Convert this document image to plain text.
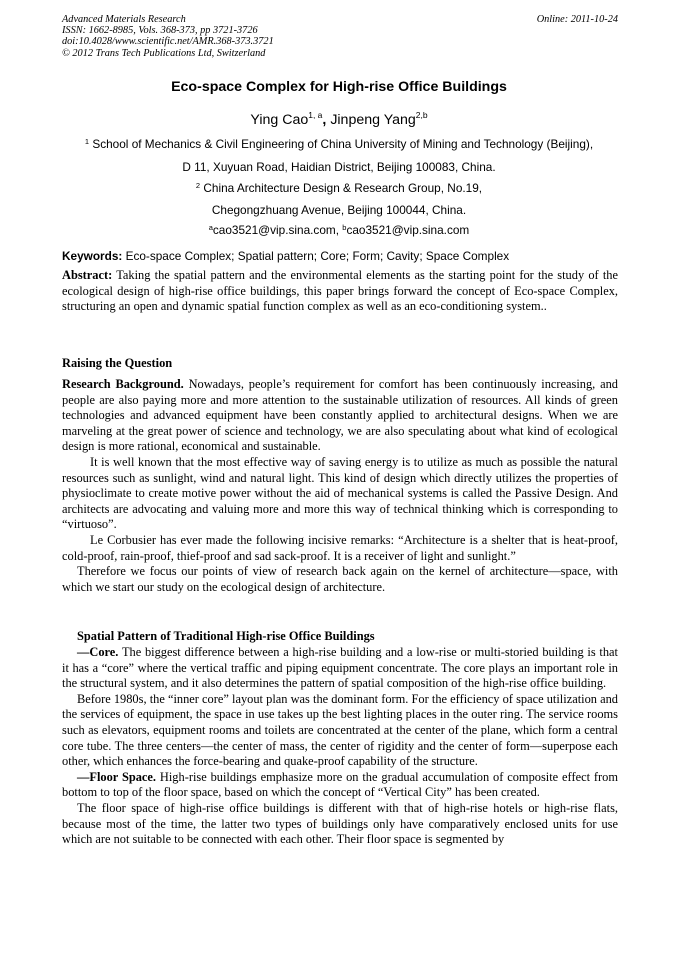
Advanced Materials Research
ISSN: 1662-8985, Vols. 368-373, pp 3721-3726
doi:10.4028/www.scientific.net/AMR.368-373.3721
© 2012 Trans Tech Publications Ltd, Switzerland
Online: 2011-10-24
Eco-space Complex for High-rise Office Buildings
Ying Cao$^{1, a}$, Jinpeng Yang$^{2,b}$
$^1$ School of Mechanics & Civil Engineering of China University of Mining and Technology (Beijing),
D 11, Xuyuan Road, Haidian District, Beijing 100083, China.
$^2$ China Architecture Design & Research Group, No.19,
Chegongzhuang Avenue, Beijing 100044, China.
$^a$cao3521@vip.sina.com, $^b$cao3521@vip.sina.com
Keywords: Eco-space Complex; Spatial pattern; Core; Form; Cavity; Space Complex
Abstract: Taking the spatial pattern and the environmental elements as the starting point for the study of the ecological design of high-rise office buildings, this paper brings forward the concept of Eco-space Complex, structuring an open and dynamic spatial function complex as well as an eco-conditioning system..
Raising the Question
Research Background. Nowadays, people’s requirement for comfort has been continuously increasing, and people are also paying more and more attention to the sustainable utilization of resources. All kinds of green technologies and advanced equipment have been constantly applied to architectural designs. When we are marveling at the great power of science and technology, we are also speculating about what kind of ecological design is more rational, economical and sustainable.
It is well known that the most effective way of saving energy is to utilize as much as possible the natural resources such as sunlight, wind and natural light. This kind of design which directly utilizes the properties of physioclimate to create motive power without the aid of mechanical systems is called the Passive Design. And architects are advocating and valuing more and more this way of technical thinking which is corresponding to “virtuoso”.
Le Corbusier has ever made the following incisive remarks: “Architecture is a shelter that is heat-proof, cold-proof, rain-proof, thief-proof and sad sack-proof. It is a receiver of light and sunlight.”
Therefore we focus our points of view of research back again on the kernel of architecture—space, with which we start our study on the ecological design of architecture.
Spatial Pattern of Traditional High-rise Office Buildings
—Core. The biggest difference between a high-rise building and a low-rise or multi-storied building is that it has a “core” where the vertical traffic and piping equipment concentrate. The core plays an important role in the structural system, and it also determines the pattern of spatial composition of the high-rise office building.
Before 1980s, the “inner core” layout plan was the dominant form. For the efficiency of space utilization and the services of equipment, the space in use takes up the best lighting places in the outer ring. The service rooms such as elevators, equipment rooms and toilets are concentrated at the center of the plane, which form a central core tube. The three centers—the center of mass, the center of rigidity and the center of form—superpose each other, which enhances the force-bearing and quake-proof capability of the structure.
—Floor Space. High-rise buildings emphasize more on the gradual accumulation of composite effect from bottom to top of the floor space, based on which the concept of “Vertical City” has been created.
The floor space of high-rise office buildings is different with that of high-rise hotels or high-rise flats, because most of the time, the latter two types of buildings only have comparatively enclosed units for use which are not suitable to be connected with each other. Their floor space is segmented by
